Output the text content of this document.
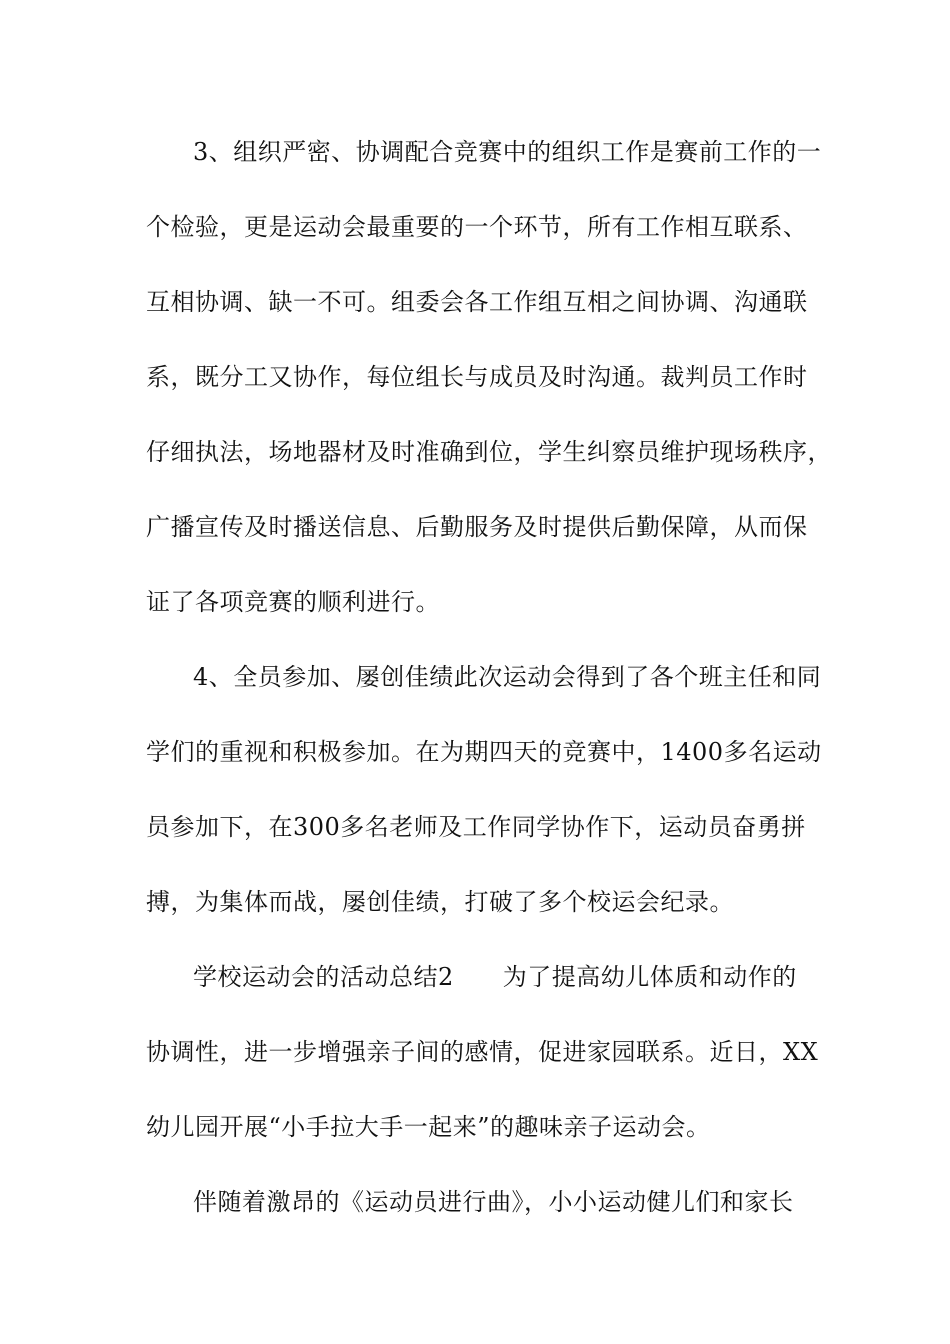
3、组织严密、协调配合竞赛中的组织工作是赛前工作的一
个检验，更是运动会最重要的一个环节，所有工作相互联系、
互相协调、缺一不可。组委会各工作组互相之间协调、沟通联
系，既分工又协作，每位组长与成员及时沟通。裁判员工作时
仔细执法，场地器材及时准确到位，学生纠察员维护现场秩序，
广播宣传及时播送信息、后勤服务及时提供后勤保障，从而保
证了各项竞赛的顺利进行。
4、全员参加、屡创佳绩此次运动会得到了各个班主任和同
学们的重视和积极参加。在为期四天的竞赛中，1400多名运动
员参加下，在300多名老师及工作同学协作下，运动员奋勇拼
搏，为集体而战，屡创佳绩，打破了多个校运会纪录。
学校运动会的活动总结2　　为了提高幼儿体质和动作的
协调性，进一步增强亲子间的感情，促进家园联系。近日，XX
幼儿园开展“小手拉大手一起来”的趣味亲子运动会。
伴随着激昂的《运动员进行曲》，小小运动健儿们和家长
